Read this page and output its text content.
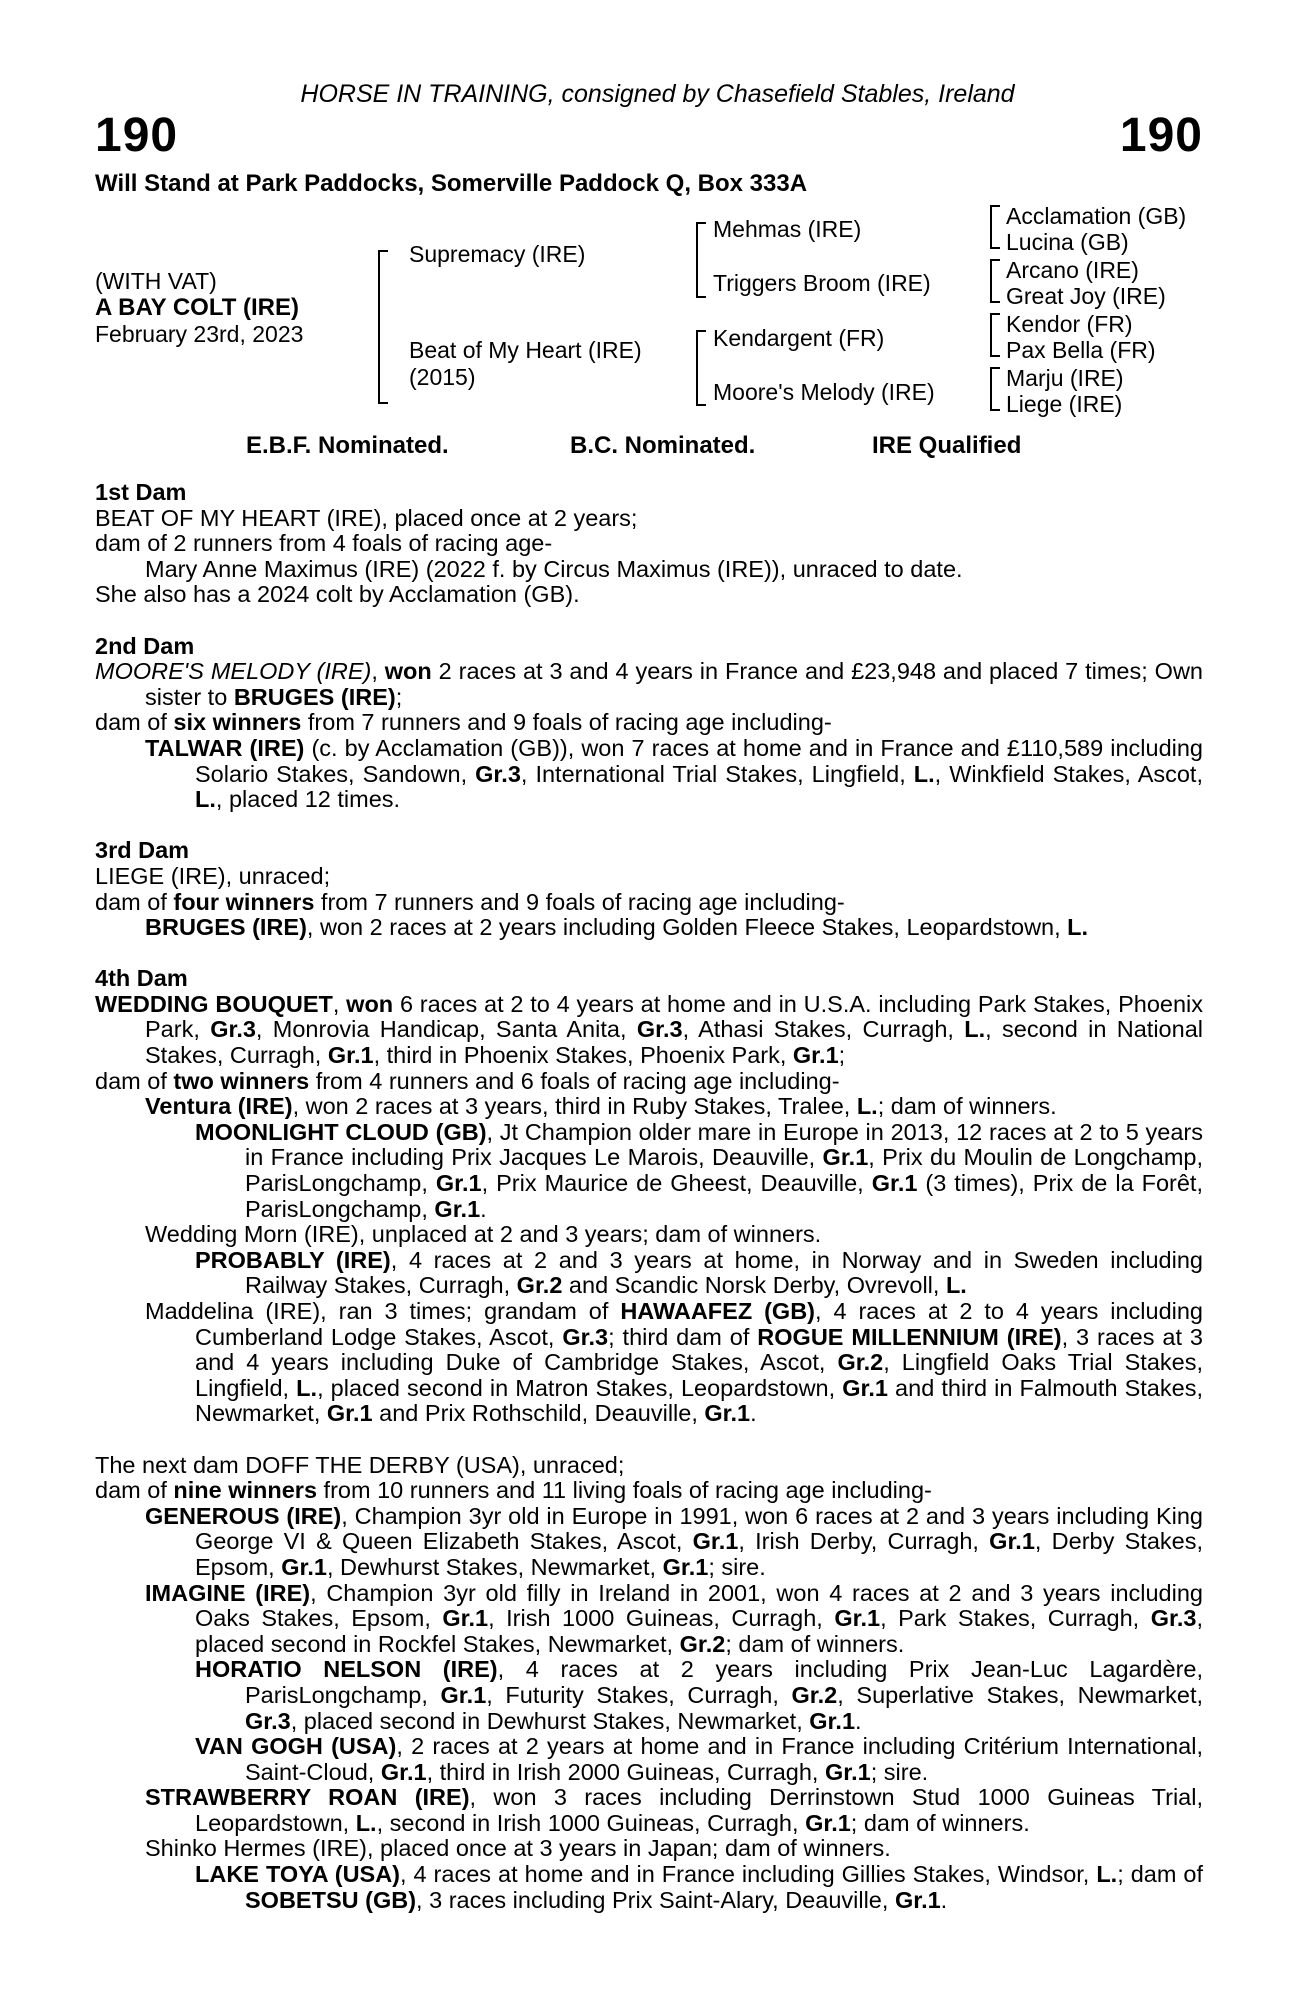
HORSE IN TRAINING, consigned by Chasefield Stables, Ireland
190	190
Will Stand at Park Paddocks, Somerville Paddock Q, Box 333A
(WITH VAT)
A BAY COLT (IRE)
February 23rd, 2023
Supremacy (IRE)
Beat of My Heart (IRE)
(2015)
Mehmas (IRE)
Triggers Broom (IRE)
Kendargent (FR)
Moore's Melody (IRE)
Acclamation (GB)
Lucina (GB)
Arcano (IRE)
Great Joy (IRE)
Kendor (FR)
Pax Bella (FR)
Marju (IRE)
Liege (IRE)
E.B.F. Nominated.	B.C. Nominated.	IRE Qualified

1st Dam

BEAT OF MY HEART (IRE), placed once at 2 years;

dam of 2 runners from 4 foals of racing age-

Mary Anne Maximus (IRE) (2022 f. by Circus Maximus (IRE)), unraced to date.

She also has a 2024 colt by Acclamation (GB).

2nd Dam

MOORE'S MELODY (IRE), won 2 races at 3 and 4 years in France and £23,948 and placed 7 times; Own sister to BRUGES (IRE);

dam of six winners from 7 runners and 9 foals of racing age including-

TALWAR (IRE) (c. by Acclamation (GB)), won 7 races at home and in France and £110,589 including Solario Stakes, Sandown, Gr.3, International Trial Stakes, Lingfield, L., Winkfield Stakes, Ascot, L., placed 12 times.

3rd Dam

LIEGE (IRE), unraced;

dam of four winners from 7 runners and 9 foals of racing age including-

BRUGES (IRE), won 2 races at 2 years including Golden Fleece Stakes, Leopardstown, L.

4th Dam

WEDDING BOUQUET, won 6 races at 2 to 4 years at home and in U.S.A. including Park Stakes, Phoenix Park, Gr.3, Monrovia Handicap, Santa Anita, Gr.3, Athasi Stakes, Curragh, L., second in National Stakes, Curragh, Gr.1, third in Phoenix Stakes, Phoenix Park, Gr.1;

dam of two winners from 4 runners and 6 foals of racing age including-

Ventura (IRE), won 2 races at 3 years, third in Ruby Stakes, Tralee, L.; dam of winners.

MOONLIGHT CLOUD (GB), Jt Champion older mare in Europe in 2013, 12 races at 2 to 5 years in France including Prix Jacques Le Marois, Deauville, Gr.1, Prix du Moulin de Longchamp, ParisLongchamp, Gr.1, Prix Maurice de Gheest, Deauville, Gr.1 (3 times), Prix de la Forêt, ParisLongchamp, Gr.1.

Wedding Morn (IRE), unplaced at 2 and 3 years; dam of winners.

PROBABLY (IRE), 4 races at 2 and 3 years at home, in Norway and in Sweden including Railway Stakes, Curragh, Gr.2 and Scandic Norsk Derby, Ovrevoll, L.

Maddelina (IRE), ran 3 times; grandam of HAWAAFEZ (GB), 4 races at 2 to 4 years including Cumberland Lodge Stakes, Ascot, Gr.3; third dam of ROGUE MILLENNIUM (IRE), 3 races at 3 and 4 years including Duke of Cambridge Stakes, Ascot, Gr.2, Lingfield Oaks Trial Stakes, Lingfield, L., placed second in Matron Stakes, Leopardstown, Gr.1 and third in Falmouth Stakes, Newmarket, Gr.1 and Prix Rothschild, Deauville, Gr.1.

The next dam DOFF THE DERBY (USA), unraced;

dam of nine winners from 10 runners and 11 living foals of racing age including-

GENEROUS (IRE), Champion 3yr old in Europe in 1991, won 6 races at 2 and 3 years including King George VI & Queen Elizabeth Stakes, Ascot, Gr.1, Irish Derby, Curragh, Gr.1, Derby Stakes, Epsom, Gr.1, Dewhurst Stakes, Newmarket, Gr.1; sire.

IMAGINE (IRE), Champion 3yr old filly in Ireland in 2001, won 4 races at 2 and 3 years including Oaks Stakes, Epsom, Gr.1, Irish 1000 Guineas, Curragh, Gr.1, Park Stakes, Curragh, Gr.3, placed second in Rockfel Stakes, Newmarket, Gr.2; dam of winners.

HORATIO NELSON (IRE), 4 races at 2 years including Prix Jean-Luc Lagardère, ParisLongchamp, Gr.1, Futurity Stakes, Curragh, Gr.2, Superlative Stakes, Newmarket, Gr.3, placed second in Dewhurst Stakes, Newmarket, Gr.1.

VAN GOGH (USA), 2 races at 2 years at home and in France including Critérium International, Saint-Cloud, Gr.1, third in Irish 2000 Guineas, Curragh, Gr.1; sire.

STRAWBERRY ROAN (IRE), won 3 races including Derrinstown Stud 1000 Guineas Trial, Leopardstown, L., second in Irish 1000 Guineas, Curragh, Gr.1; dam of winners.

Shinko Hermes (IRE), placed once at 3 years in Japan; dam of winners.

LAKE TOYA (USA), 4 races at home and in France including Gillies Stakes, Windsor, L.; dam of SOBETSU (GB), 3 races including Prix Saint-Alary, Deauville, Gr.1.
